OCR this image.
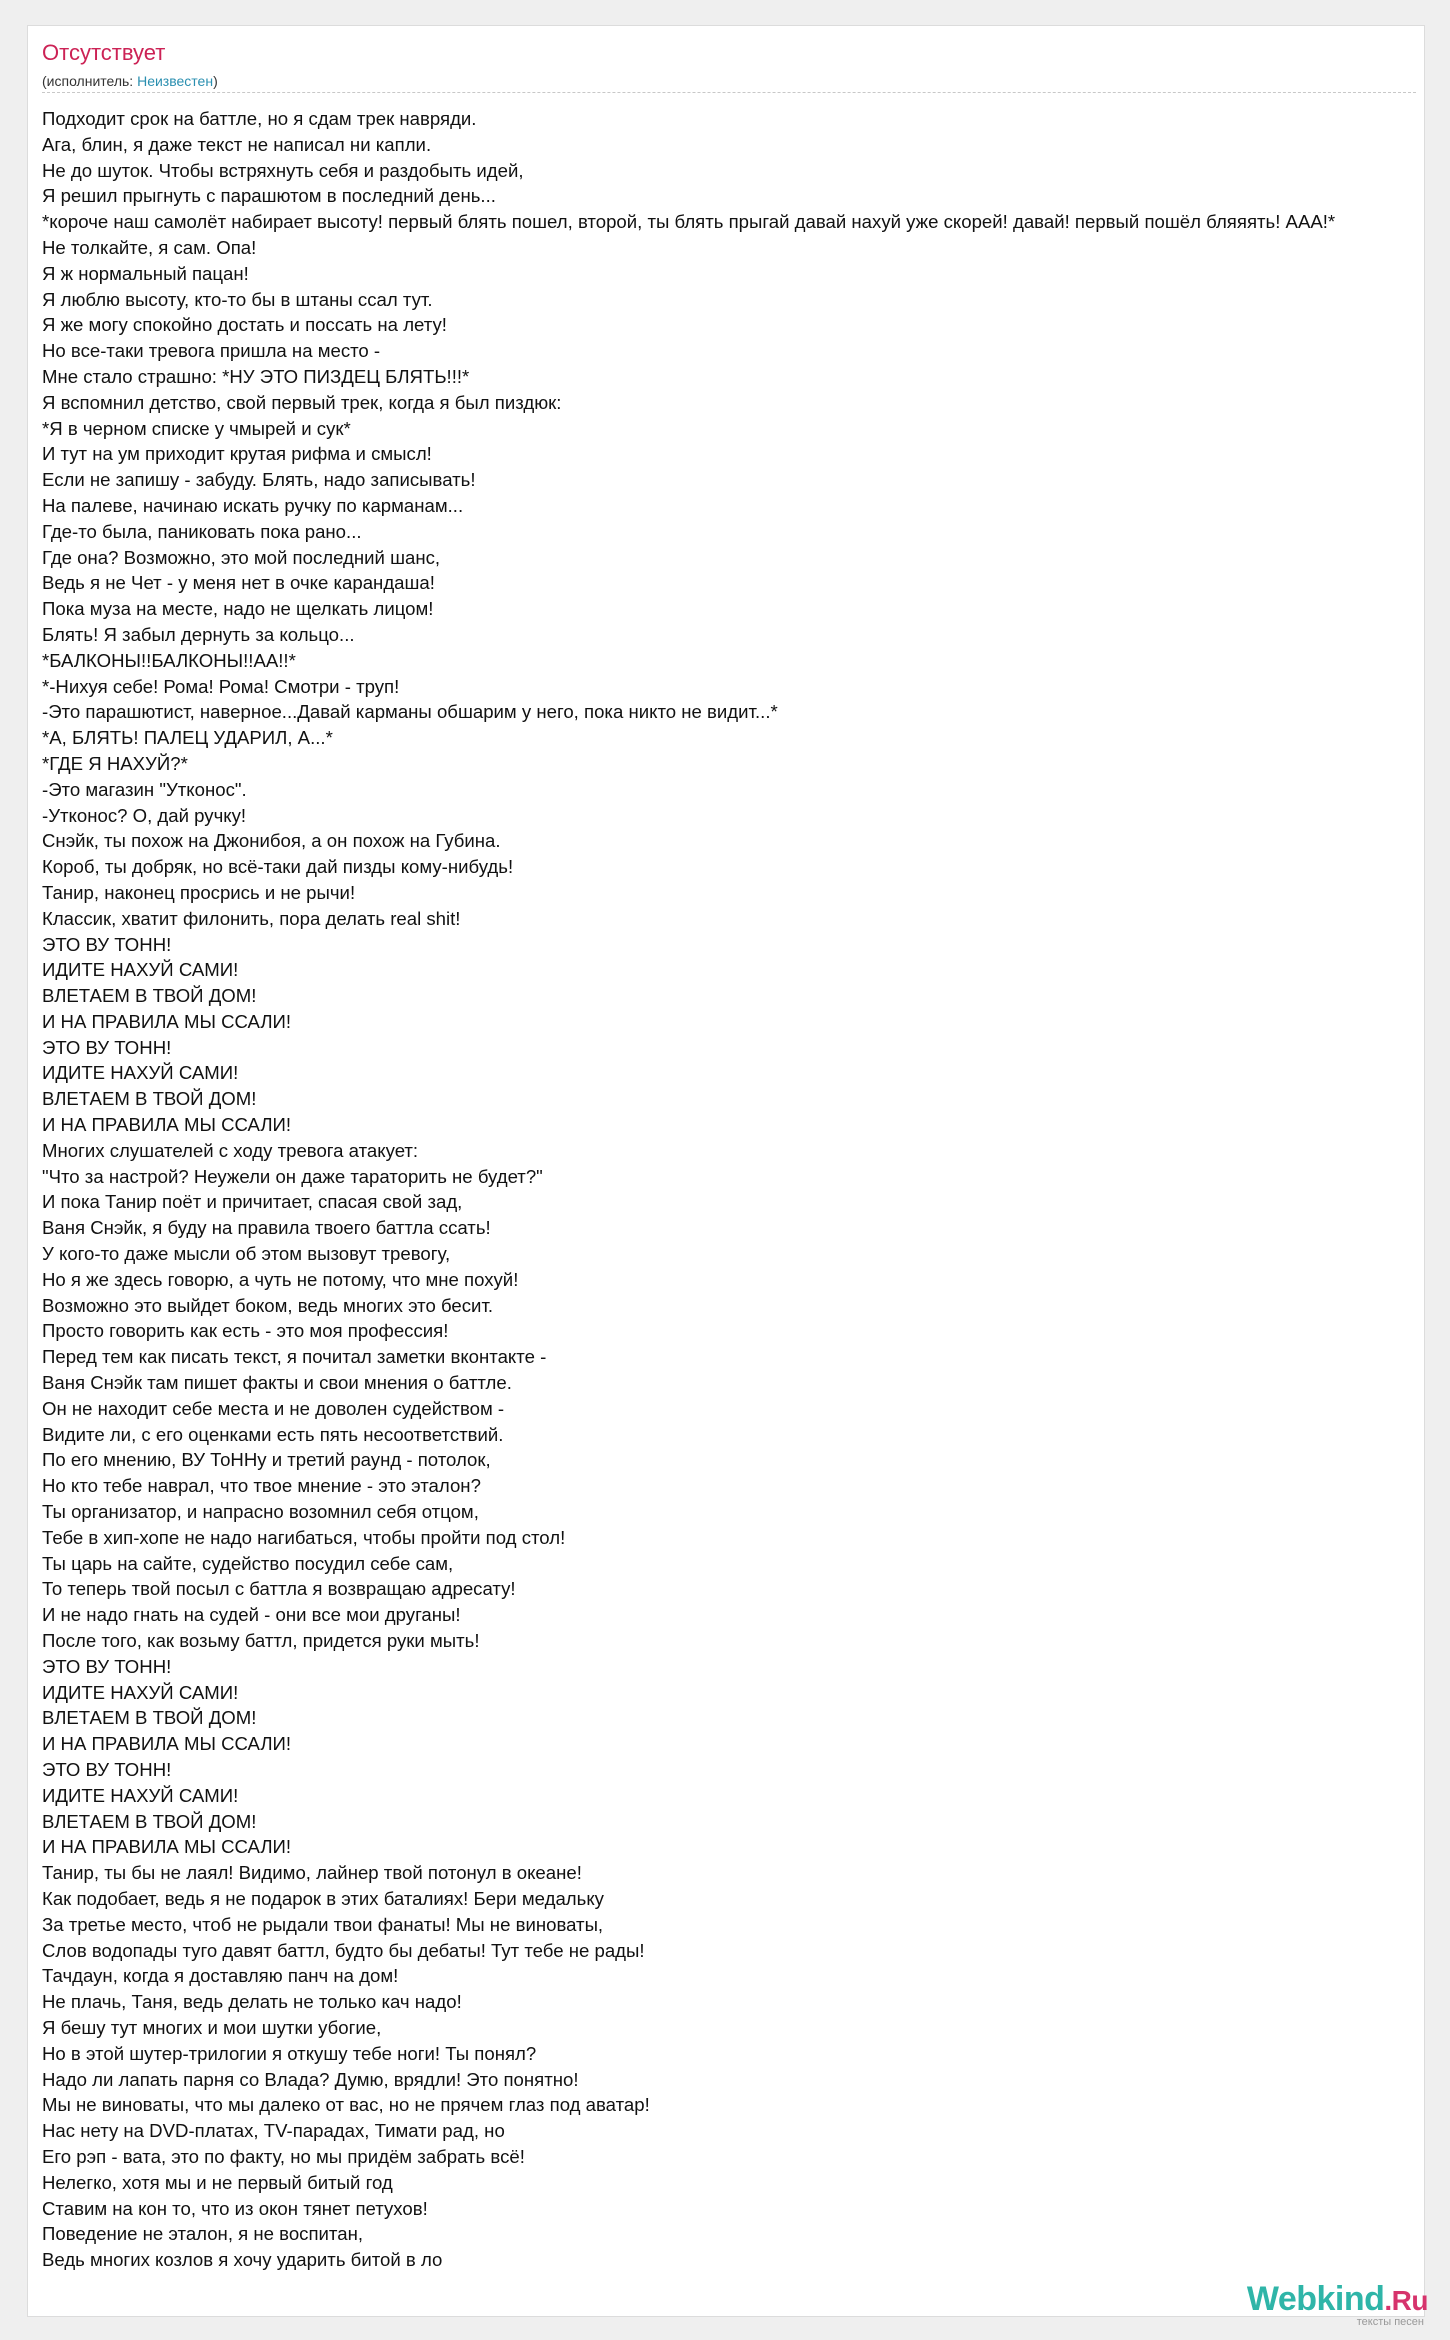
Отсутствует
(исполнитель: Неизвестен)
Подходит срок на баттле, но я сдам трек навряди.
Ага, блин, я даже текст не написал ни капли.
Не до шуток. Чтобы встряхнуть себя и раздобыть идей,
Я решил прыгнуть с парашютом в последний день...
*короче наш самолёт набирает высоту! первый блять пошел, второй, ты блять прыгай давай нахуй уже скорей! давай! первый пошёл бляяять! ААА!*
Не толкайте, я сам. Опа!
Я ж нормальный пацан!
Я люблю высоту, кто-то бы в штаны ссал тут.
Я же могу спокойно достать и поссать на лету!
Но все-таки тревога пришла на место -
Мне стало страшно: *НУ ЭТО ПИЗДЕЦ БЛЯТЬ!!!*
Я вспомнил детство, свой первый трек, когда я был пиздюк:
*Я в черном списке у чмырей и сук*
И тут на ум приходит крутая рифма и смысл!
Если не запишу - забуду. Блять, надо записывать!
На палеве, начинаю искать ручку по карманам...
Где-то была, паниковать пока рано...
Где она? Возможно, это мой последний шанс,
Ведь я не Чет - у меня нет в очке карандаша!
Пока муза на месте, надо не щелкать лицом!
Блять! Я забыл дернуть за кольцо...
*БАЛКОНЫ!!БАЛКОНЫ!!АА!!*
*-Нихуя себе! Рома! Рома! Смотри - труп!
-Это парашютист, наверное...Давай карманы обшарим у него, пока никто не видит...*
*А, БЛЯТЬ! ПАЛЕЦ УДАРИЛ, А...*
*ГДЕ Я НАХУЙ?*
-Это магазин "Утконос".
-Утконос? О, дай ручку!
Снэйк, ты похож на Джонибоя, а он похож на Губина.
Короб, ты добряк, но всё-таки дай пизды кому-нибудь!
Танир, наконец просрись и не рычи!
Классик, хватит филонить, пора делать real shit!
ЭТО ВУ ТОНН!
ИДИТЕ НАХУЙ САМИ!
ВЛЕТАЕМ В ТВОЙ ДОМ!
И НА ПРАВИЛА МЫ ССАЛИ!
ЭТО ВУ ТОНН!
ИДИТЕ НАХУЙ САМИ!
ВЛЕТАЕМ В ТВОЙ ДОМ!
И НА ПРАВИЛА МЫ ССАЛИ!
Многих слушателей с ходу тревога атакует:
"Что за настрой? Неужели он даже тараторить не будет?"
И пока Танир поёт и причитает, спасая свой зад,
Ваня Снэйк, я буду на правила твоего баттла ссать!
У кого-то даже мысли об этом вызовут тревогу,
Но я же здесь говорю, а чуть не потому, что мне похуй!
Возможно это выйдет боком, ведь многих это бесит.
Просто говорить как есть - это моя профессия!
Перед тем как писать текст, я почитал заметки вконтакте -
Ваня Снэйк там пишет факты и свои мнения о баттле.
Он не находит себе места и не доволен судейством -
Видите ли, с его оценками есть пять несоответствий.
По его мнению, ВУ ТоННу и третий раунд - потолок,
Но кто тебе наврал, что твое мнение - это эталон?
Ты организатор, и напрасно возомнил себя отцом,
Тебе в хип-хопе не надо нагибаться, чтобы пройти под стол!
Ты царь на сайте, судейство посудил себе сам,
То теперь твой посыл с баттла я возвращаю адресату!
И не надо гнать на судей - они все мои друганы!
После того, как возьму баттл, придется руки мыть!
ЭТО ВУ ТОНН!
ИДИТЕ НАХУЙ САМИ!
ВЛЕТАЕМ В ТВОЙ ДОМ!
И НА ПРАВИЛА МЫ ССАЛИ!
ЭТО ВУ ТОНН!
ИДИТЕ НАХУЙ САМИ!
ВЛЕТАЕМ В ТВОЙ ДОМ!
И НА ПРАВИЛА МЫ ССАЛИ!
Танир, ты бы не лаял! Видимо, лайнер твой потонул в океане!
Как подобает, ведь я не подарок в этих баталиях! Бери медальку
За третье место, чтоб не рыдали твои фанаты! Мы не виноваты,
Слов водопады туго давят баттл, будто бы дебаты! Тут тебе не рады!
Тачдаун, когда я доставляю панч на дом!
Не плачь, Таня, ведь делать не только кач надо!
Я бешу тут многих и мои шутки убогие,
Но в этой шутер-трилогии я откушу тебе ноги! Ты понял?
Надо ли лапать парня со Влада? Думю, врядли! Это понятно!
Мы не виноваты, что мы далеко от вас, но не прячем глаз под аватар!
Нас нету на DVD-платах, TV-парадах, Тимати рад, но
Его рэп - вата, это по факту, но мы придём забрать всё!
Нелегко, хотя мы и не первый битый год
Ставим на кон то, что из окон тянет петухов!
Поведение не эталон, я не воспитан,
Ведь многих козлов я хочу ударить битой в ло
Webkind.Ru
тексты песен
